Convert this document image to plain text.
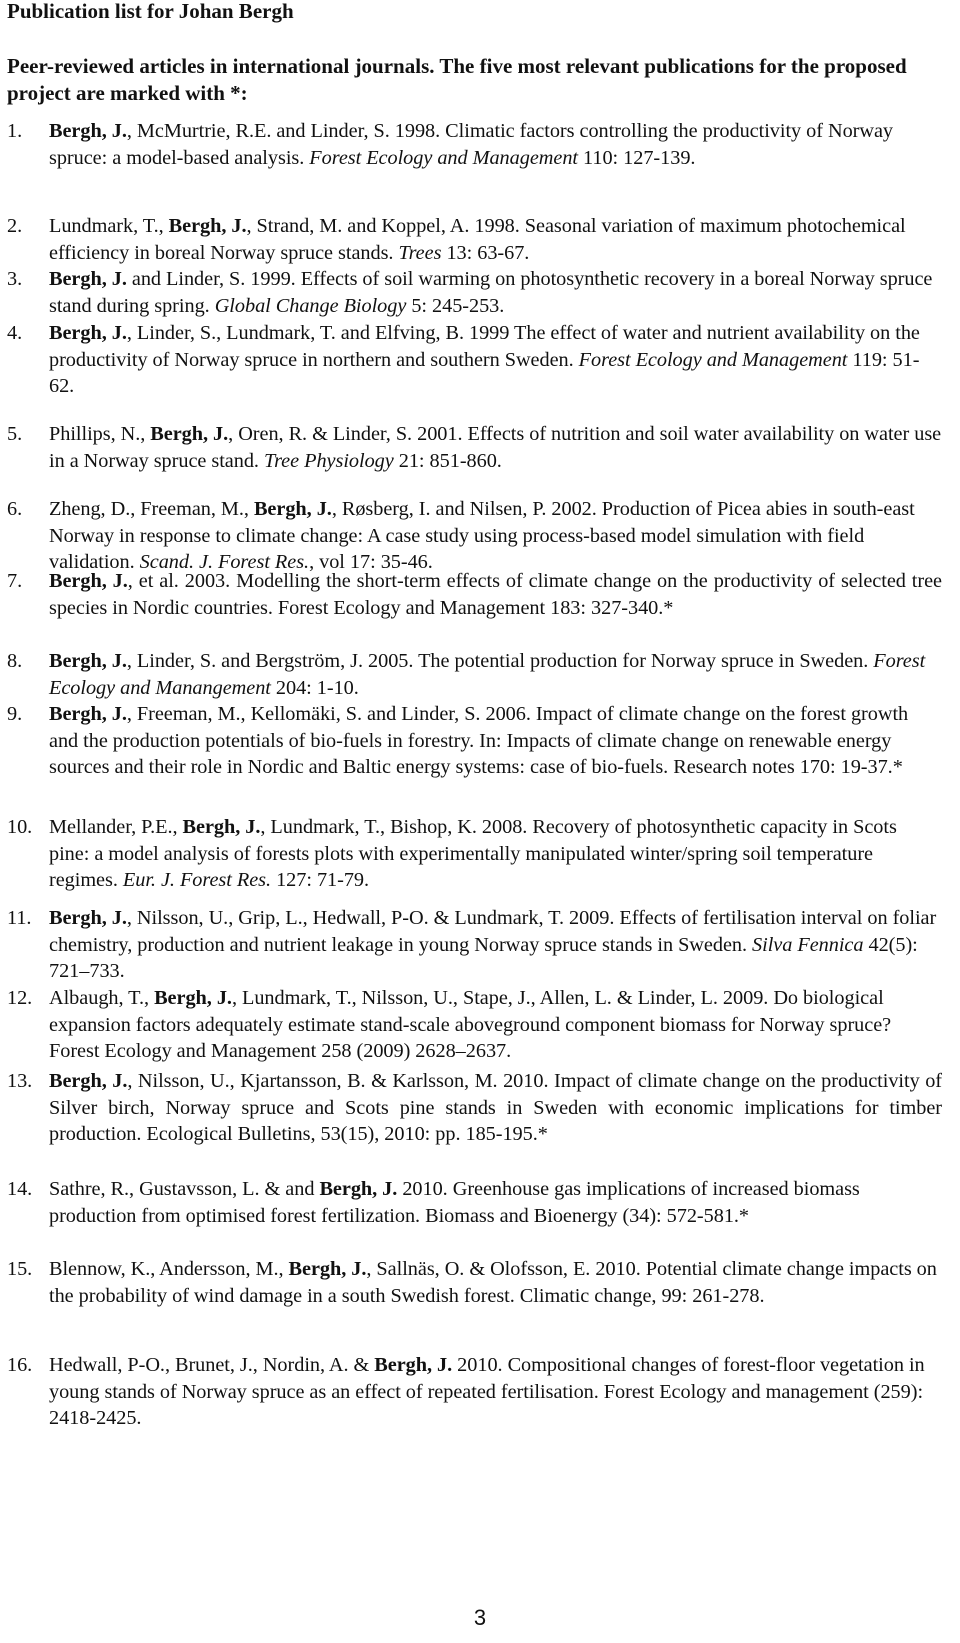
Publication list for Johan Bergh
Peer-reviewed articles in international journals. The five most relevant publications for the proposed project are marked with *:
1. Bergh, J., McMurtrie, R.E. and Linder, S. 1998. Climatic factors controlling the productivity of Norway spruce: a model-based analysis. Forest Ecology and Management 110: 127-139.
2. Lundmark, T., Bergh, J., Strand, M. and Koppel, A. 1998. Seasonal variation of maximum photochemical efficiency in boreal Norway spruce stands. Trees 13: 63-67.
3. Bergh, J. and Linder, S. 1999. Effects of soil warming on photosynthetic recovery in a boreal Norway spruce stand during spring. Global Change Biology 5: 245-253.
4. Bergh, J., Linder, S., Lundmark, T. and Elfving, B. 1999 The effect of water and nutrient availability on the productivity of Norway spruce in northern and southern Sweden. Forest Ecology and Management 119: 51-62.
5. Phillips, N., Bergh, J., Oren, R. & Linder, S. 2001. Effects of nutrition and soil water availability on water use in a Norway spruce stand. Tree Physiology 21: 851-860.
6. Zheng, D., Freeman, M., Bergh, J., Røsberg, I. and Nilsen, P. 2002. Production of Picea abies in south-east Norway in response to climate change: A case study using process-based model simulation with field validation. Scand. J. Forest Res., vol 17: 35-46.
7. Bergh, J., et al. 2003. Modelling the short-term effects of climate change on the productivity of selected tree species in Nordic countries. Forest Ecology and Management 183: 327-340.*
8. Bergh, J., Linder, S. and Bergström, J. 2005. The potential production for Norway spruce in Sweden. Forest Ecology and Manangement 204: 1-10.
9. Bergh, J., Freeman, M., Kellomäki, S. and Linder, S. 2006. Impact of climate change on the forest growth and the production potentials of bio-fuels in forestry. In: Impacts of climate change on renewable energy sources and their role in Nordic and Baltic energy systems: case of bio-fuels. Research notes 170: 19-37.*
10. Mellander, P.E., Bergh, J., Lundmark, T., Bishop, K. 2008. Recovery of photosynthetic capacity in Scots pine: a model analysis of forests plots with experimentally manipulated winter/spring soil temperature regimes. Eur. J. Forest Res. 127: 71-79.
11. Bergh, J., Nilsson, U., Grip, L., Hedwall, P-O. & Lundmark, T. 2009. Effects of fertilisation interval on foliar chemistry, production and nutrient leakage in young Norway spruce stands in Sweden. Silva Fennica 42(5): 721–733.
12. Albaugh, T., Bergh, J., Lundmark, T., Nilsson, U., Stape, J., Allen, L. & Linder, L. 2009. Do biological expansion factors adequately estimate stand-scale aboveground component biomass for Norway spruce? Forest Ecology and Management 258 (2009) 2628–2637.
13. Bergh, J., Nilsson, U., Kjartansson, B. & Karlsson, M. 2010. Impact of climate change on the productivity of Silver birch, Norway spruce and Scots pine stands in Sweden with economic implications for timber production. Ecological Bulletins, 53(15), 2010: pp. 185-195.*
14. Sathre, R., Gustavsson, L. & and Bergh, J. 2010. Greenhouse gas implications of increased biomass production from optimised forest fertilization. Biomass and Bioenergy (34): 572-581.*
15. Blennow, K., Andersson, M., Bergh, J., Sallnäs, O. & Olofsson, E. 2010. Potential climate change impacts on the probability of wind damage in a south Swedish forest. Climatic change, 99: 261-278.
16. Hedwall, P-O., Brunet, J., Nordin, A. & Bergh, J. 2010. Compositional changes of forest-floor vegetation in young stands of Norway spruce as an effect of repeated fertilisation. Forest Ecology and management (259): 2418-2425.
3
